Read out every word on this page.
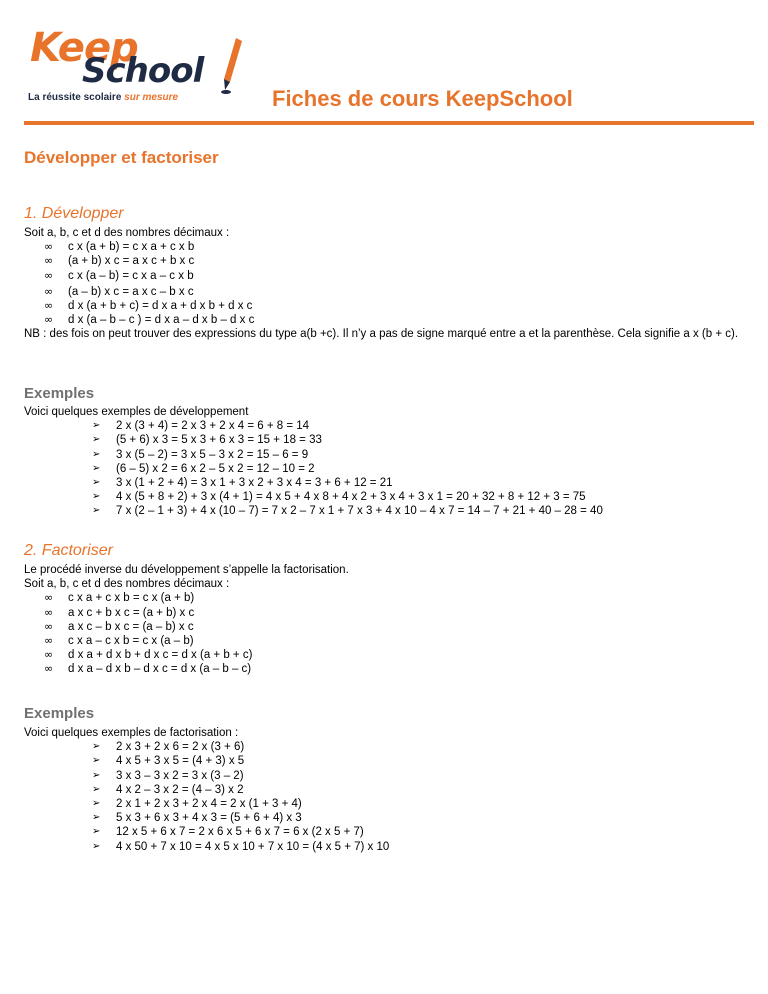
Keep
School
La réussite scolaire sur mesure	Fiches de cours KeepSchool
Développer et factoriser
1. Développer
Soit a, b, c et d des nombres décimaux :
∞ c x (a + b) = c x a + c x b
∞ (a + b) x c = a x c + b x c
∞ c x (a – b) = c x a – c x b
∞ (a – b) x c = a x c – b x c
∞ d x (a + b + c) = d x a + d x b + d x c
∞ d x (a – b – c ) = d x a – d x b – d x c
NB : des fois on peut trouver des expressions du type a(b +c). Il n’y a pas de signe marqué entre a et la parenthèse. Cela signifie a x (b + c).
Exemples
Voici quelques exemples de développement
➢ 2 x (3 + 4) = 2 x 3 + 2 x 4 = 6 + 8 = 14
➢ (5 + 6) x 3 = 5 x 3 + 6 x 3 = 15 + 18 = 33
➢ 3 x (5 – 2) = 3 x 5 – 3 x 2 = 15 – 6 = 9
➢ (6 – 5) x 2 = 6 x 2 – 5 x 2 = 12 – 10 = 2
➢ 3 x (1 + 2 + 4) = 3 x 1 + 3 x 2 + 3 x 4 = 3 + 6 + 12 = 21
➢ 4 x (5 + 8 + 2) + 3 x (4 + 1) = 4 x 5 + 4 x 8 + 4 x 2 + 3 x 4 + 3 x 1 = 20 + 32 + 8 + 12 + 3 = 75
➢ 7 x (2 – 1 + 3) + 4 x (10 – 7) = 7 x 2 – 7 x 1 + 7 x 3 + 4 x 10 – 4 x 7 = 14 – 7 + 21 + 40 – 28 = 40
2. Factoriser
Le procédé inverse du développement s’appelle la factorisation.
Soit a, b, c et d des nombres décimaux :
∞ c x a + c x b = c x (a + b)
∞ a x c + b x c = (a + b) x c
∞ a x c – b x c = (a – b) x c
∞ c x a – c x b = c x (a – b)
∞ d x a + d x b + d x c = d x (a + b + c)
∞ d x a – d x b – d x c = d x (a – b – c)
Exemples
Voici quelques exemples de factorisation :
➢ 2 x 3 + 2 x 6 = 2 x (3 + 6)
➢ 4 x 5 + 3 x 5 = (4 + 3) x 5
➢ 3 x 3 – 3 x 2 = 3 x (3 – 2)
➢ 4 x 2 – 3 x 2 = (4 – 3) x 2
➢ 2 x 1 + 2 x 3 + 2 x 4 = 2 x (1 + 3 + 4)
➢ 5 x 3 + 6 x 3 + 4 x 3 = (5 + 6 + 4) x 3
➢ 12 x 5 + 6 x 7 = 2 x 6 x 5 + 6 x 7 = 6 x (2 x 5 + 7)
➢ 4 x 50 + 7 x 10 = 4 x 5 x 10 + 7 x 10 = (4 x 5 + 7) x 10
